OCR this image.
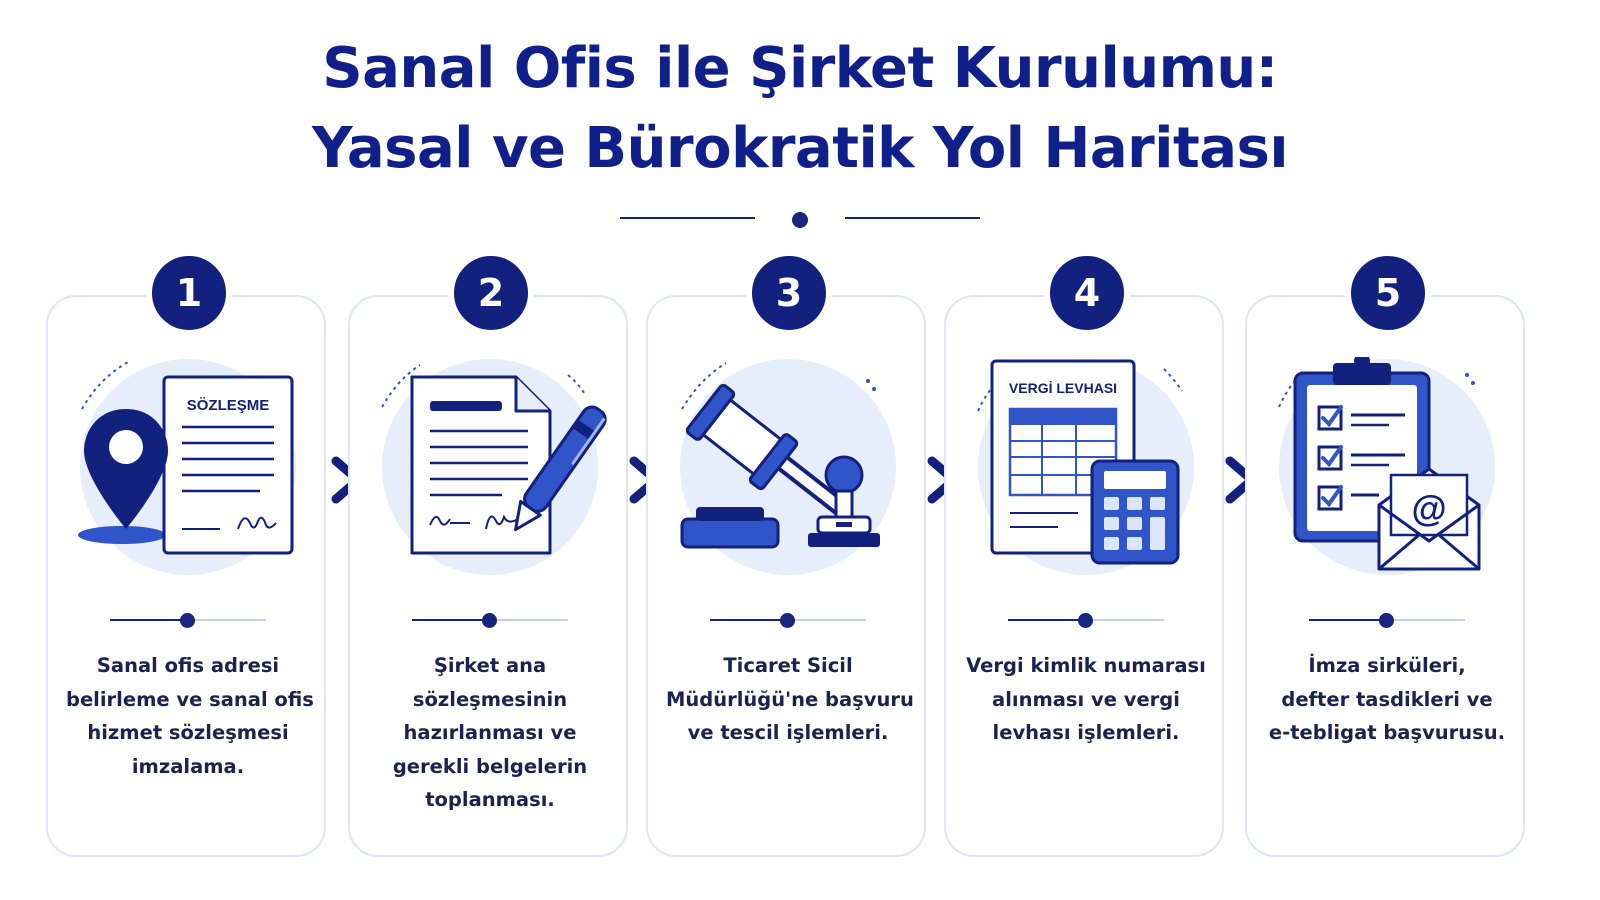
Sanal Ofis ile Şirket Kurulumu:
Yasal ve Bürokratik Yol Haritası
SÖZLEŞME
Sanal ofis adresi
belirleme ve sanal ofis
hizmet sözleşmesi
imzalama.
1
Şirket ana
sözleşmesinin
hazırlanması ve
gerekli belgelerin
toplanması.
2
Ticaret Sicil
Müdürlüğü'ne başvuru
ve tescil işlemleri.
3
VERGİ LEVHASI
Vergi kimlik numarası
alınması ve vergi
levhası işlemleri.
4
@
İmza sirküleri,
defter tasdikleri ve
e-tebligat başvurusu.
5
